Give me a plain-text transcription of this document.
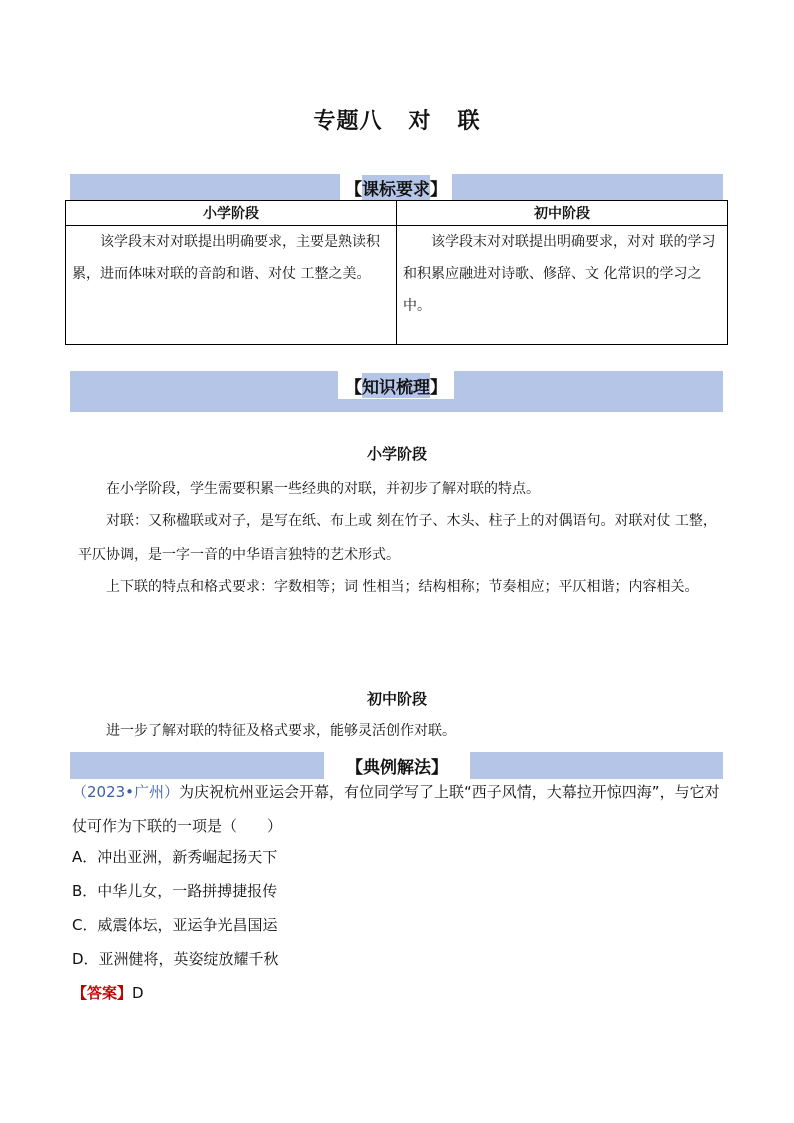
专题八 对 联
【 课标要求 】
小学阶段	初中阶段
该学段末对对联提出明确要求，主要是熟读积累，进而体味对联的音韵和谐、对仗 工整之美。	该学段末对对联提出明确要求，对对 联的学习和积累应融进对诗歌、修辞、文 化常识的学习之中。
【 知识梳理 】
小学阶段
在小学阶段，学生需要积累一些经典的对联，并初步了解对联的特点。
对联：又称楹联或对子，是写在纸、布上或 刻在竹子、木头、柱子上的对偶语句。对联对仗 工整，平仄协调，是一字一音的中华语言独特的艺术形式。
上下联的特点和格式要求：字数相等；词 性相当；结构相称；节奏相应；平仄相谐；内容相关。
初中阶段
进一步了解对联的特征及格式要求，能够灵活创作对联。
【 典例解法 】
（2023•广州）为庆祝杭州亚运会开幕，有位同学写了上联“西子风情，大幕拉开惊四海”，与它对仗可作为下联的一项是（　　）
A．冲出亚洲，新秀崛起扬天下
B．中华儿女，一路拼搏捷报传
C．威震体坛，亚运争光昌国运
D．亚洲健将，英姿绽放耀千秋
【答案】D
